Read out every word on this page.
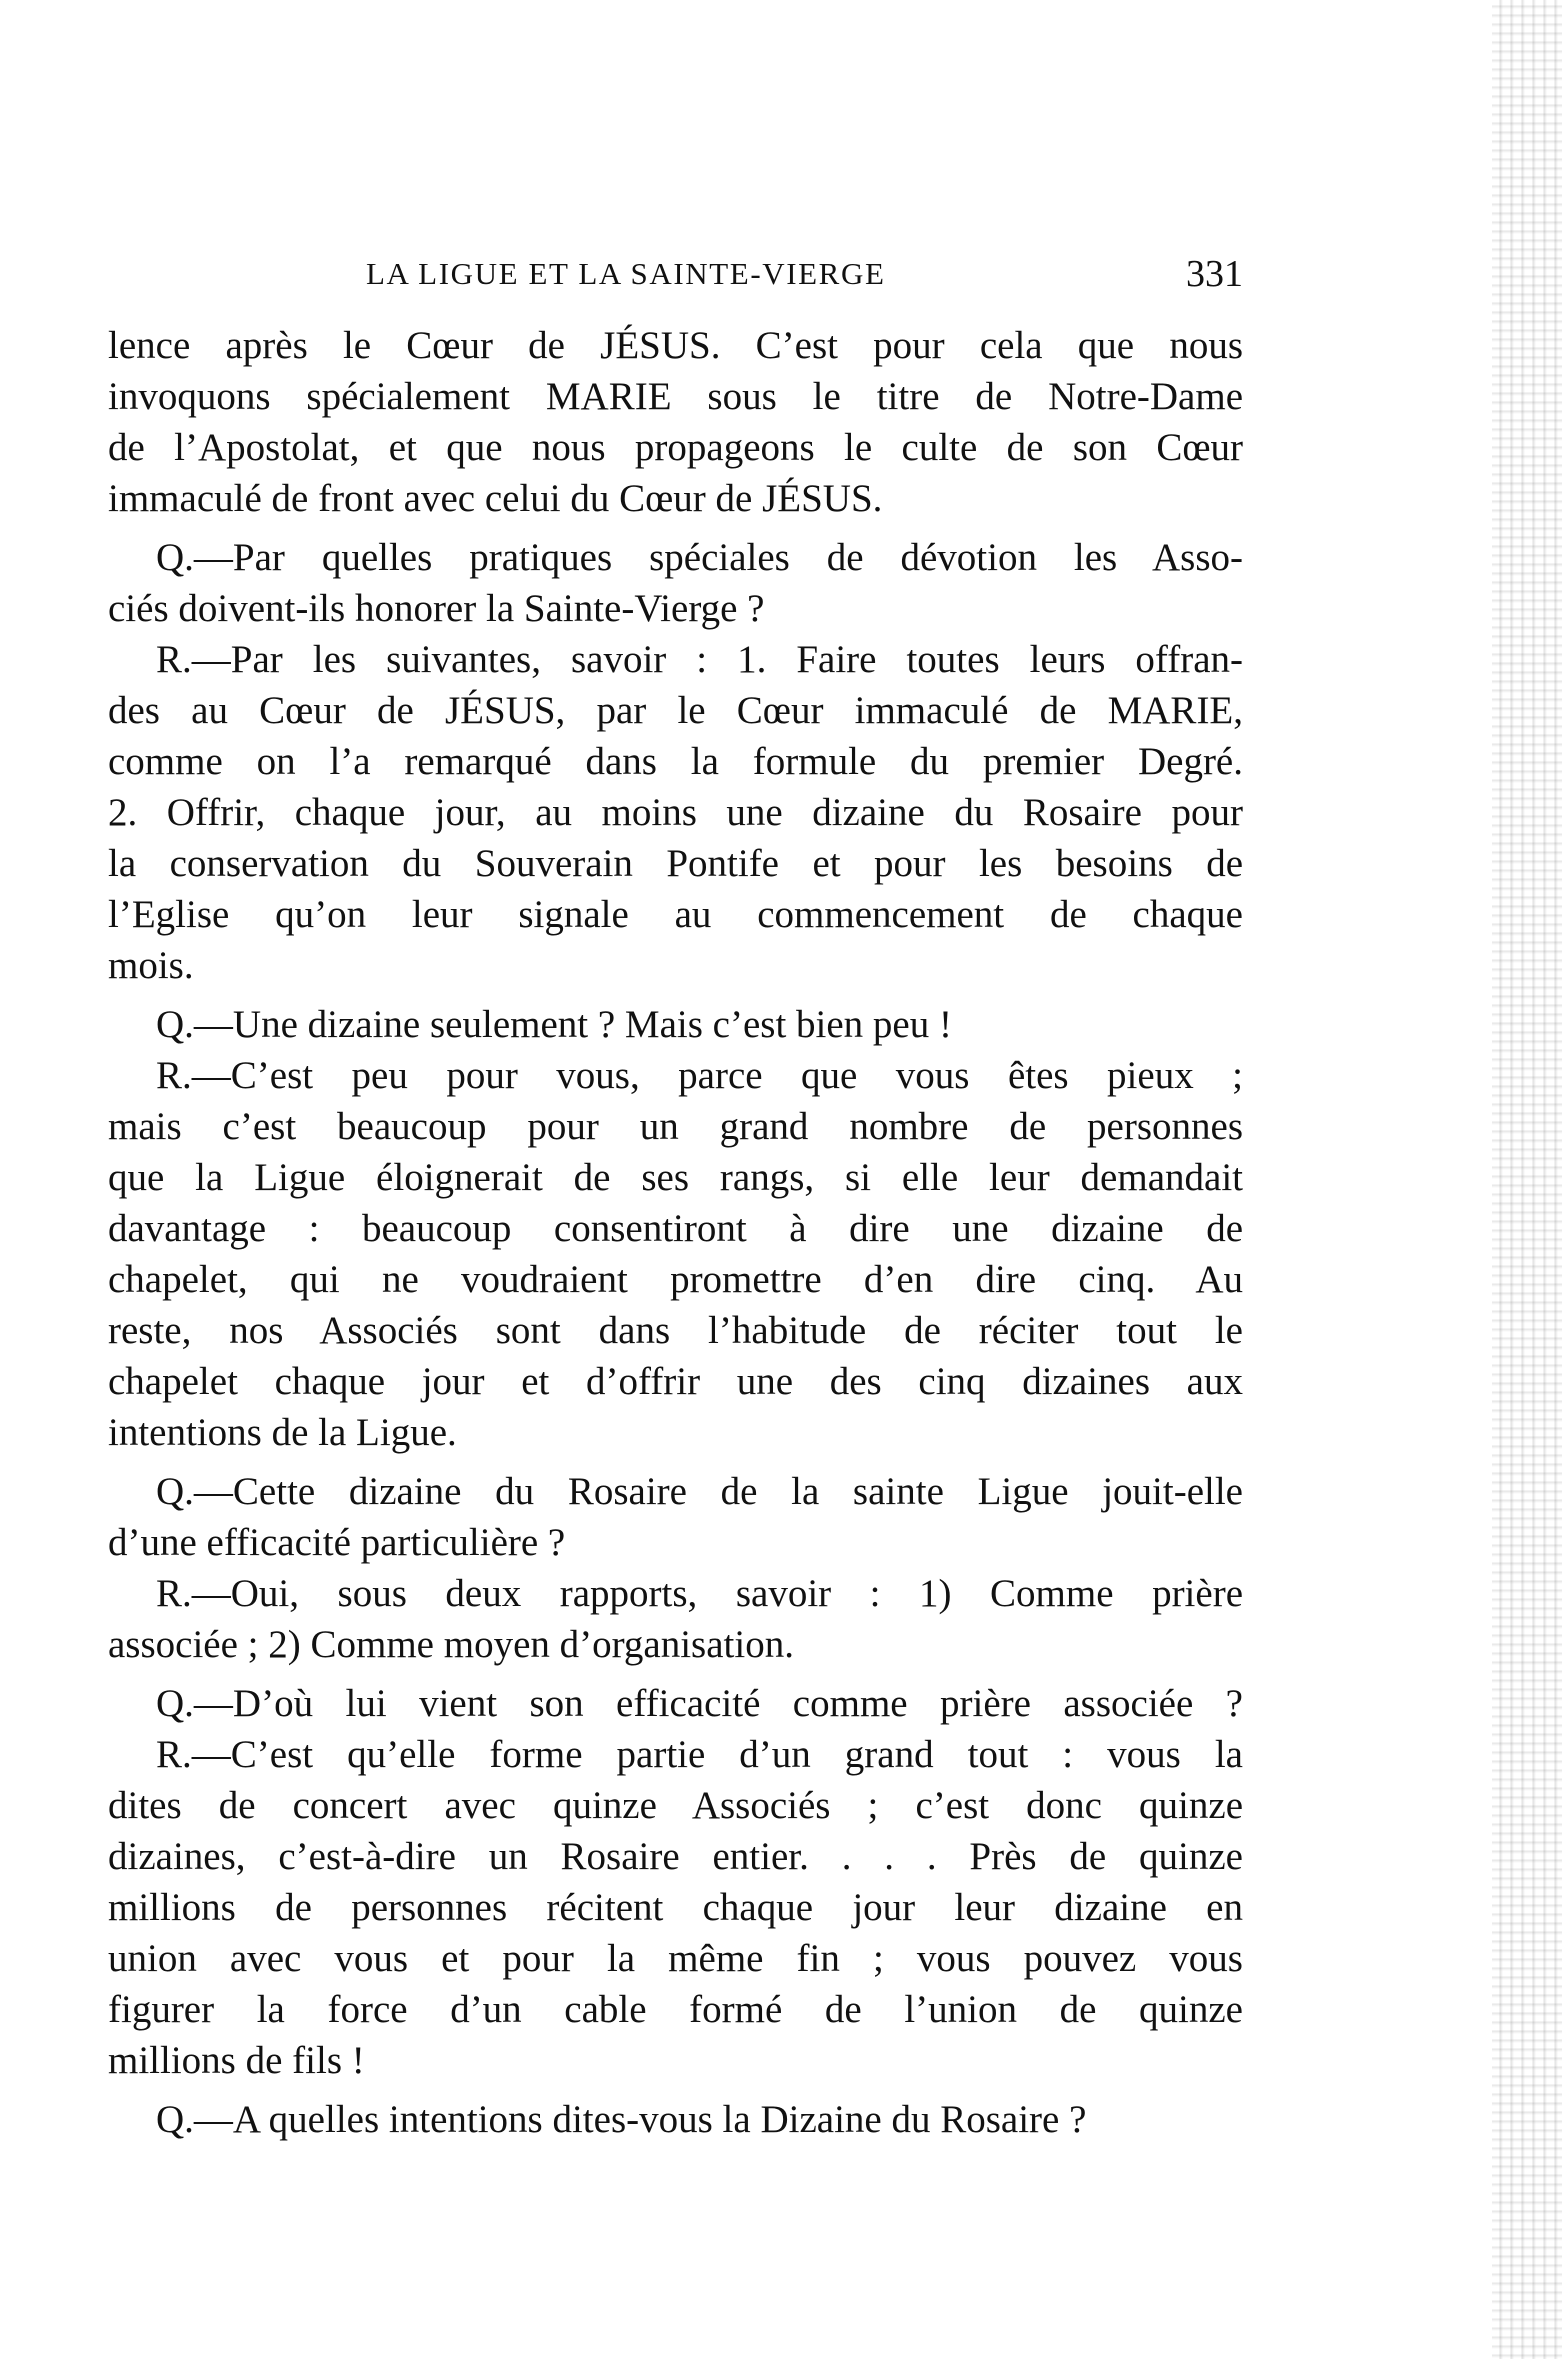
LA LIGUE ET LA SAINTE-VIERGE	331
lence après le Cœur de JÉSUS. C’est pour cela que nous
invoquons spécialement MARIE sous le titre de Notre-Dame
de l’Apostolat, et que nous propageons le culte de son Cœur
immaculé de front avec celui du Cœur de JÉSUS.
Q.—Par quelles pratiques spéciales de dévotion les Asso-
ciés doivent-ils honorer la Sainte-Vierge ?
R.—Par les suivantes, savoir : 1. Faire toutes leurs offran-
des au Cœur de JÉSUS, par le Cœur immaculé de MARIE,
comme on l’a remarqué dans la formule du premier Degré.
2. Offrir, chaque jour, au moins une dizaine du Rosaire pour
la conservation du Souverain Pontife et pour les besoins de
l’Eglise qu’on leur signale au commencement de chaque
mois.
Q.—Une dizaine seulement ? Mais c’est bien peu !
R.—C’est peu pour vous, parce que vous êtes pieux ;
mais c’est beaucoup pour un grand nombre de personnes
que la Ligue éloignerait de ses rangs, si elle leur demandait
davantage : beaucoup consentiront à dire une dizaine de
chapelet, qui ne voudraient promettre d’en dire cinq. Au
reste, nos Associés sont dans l’habitude de réciter tout le
chapelet chaque jour et d’offrir une des cinq dizaines aux
intentions de la Ligue.
Q.—Cette dizaine du Rosaire de la sainte Ligue jouit-elle
d’une efficacité particulière ?
R.—Oui, sous deux rapports, savoir : 1) Comme prière
associée ; 2) Comme moyen d’organisation.
Q.—D’où lui vient son efficacité comme prière associée ?
R.—C’est qu’elle forme partie d’un grand tout : vous la
dites de concert avec quinze Associés ; c’est donc quinze
dizaines, c’est-à-dire un Rosaire entier. . . . Près de quinze
millions de personnes récitent chaque jour leur dizaine en
union avec vous et pour la même fin ; vous pouvez vous
figurer la force d’un cable formé de l’union de quinze
millions de fils !
Q.—A quelles intentions dites-vous la Dizaine du Rosaire ?
